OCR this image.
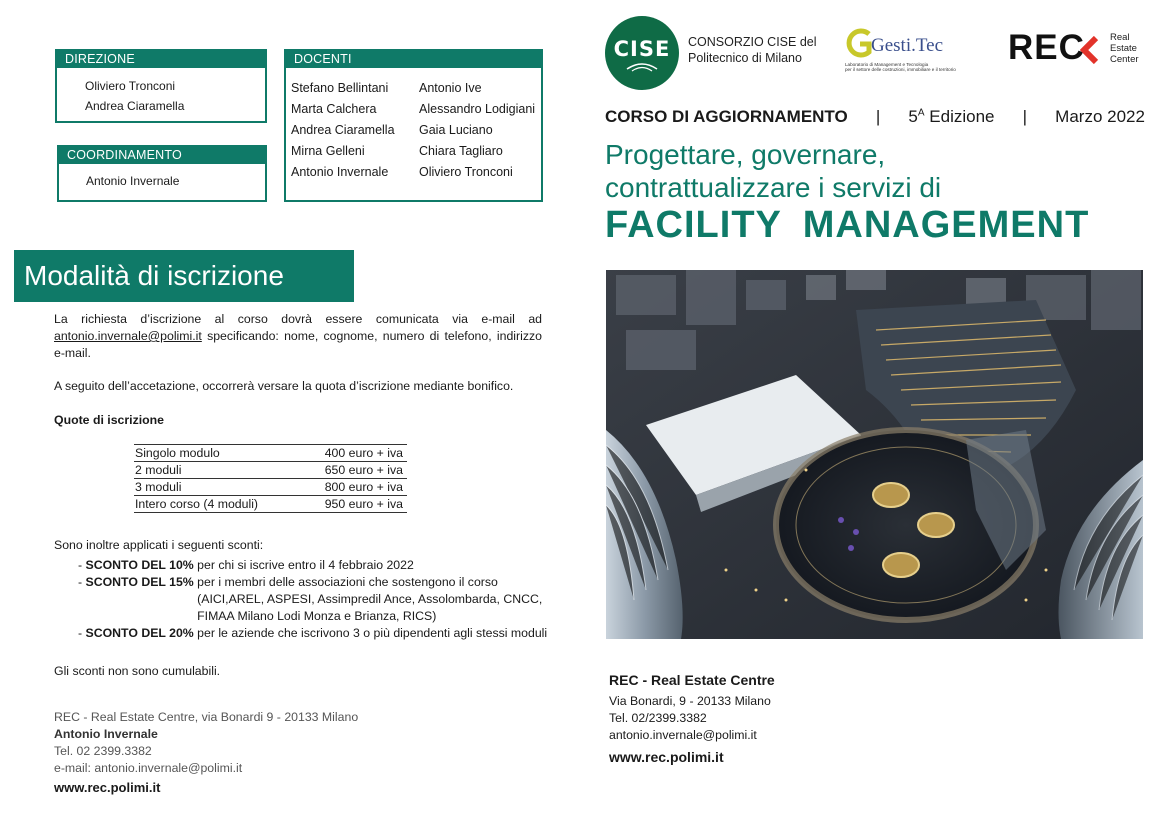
DIREZIONE
Oliviero Tronconi
Andrea Ciaramella
COORDINAMENTO
Antonio Invernale
DOCENTI
Stefano Bellintani	Antonio Ive
Marta Calchera	Alessandro Lodigiani
Andrea Ciaramella	Gaia Luciano
Mirna Gelleni	Chiara Tagliaro
Antonio Invernale	Oliviero Tronconi
Modalità di iscrizione
La richiesta d’iscrizione al corso dovrà essere comunicata via e-mail ad antonio.invernale@polimi.it specificando: nome, cognome, numero di telefono, indirizzo e-mail.
A seguito dell’accetazione, occorrerà versare la quota d’iscrizione mediante bonifico.
Quote di iscrizione
Singolo modulo	400 euro + iva
2 moduli	650 euro + iva
3 moduli	800 euro + iva
Intero corso (4 moduli)	950 euro + iva
Sono inoltre applicati i seguenti sconti:
- SCONTO DEL 10%
per chi si iscrive entro il 4 febbraio 2022
- SCONTO DEL 15%
per i membri delle associazioni che sostengono il corso (AICI,AREL, ASPESI, Assimpredil Ance, Assolombarda, CNCC, FIMAA Milano Lodi Monza e Brianza, RICS)
- SCONTO DEL 20%
per le aziende che iscrivono 3 o più dipendenti agli stessi moduli
Gli sconti non sono cumulabili.
REC - Real Estate Centre, via Bonardi 9 - 20133 Milano
Antonio Invernale
Tel. 02 2399.3382
e-mail: antonio.invernale@polimi.it
www.rec.polimi.it
CISE	CONSORZIO CISE del
Politecnico di Milano
Gesti.Tec
Laboratorio di Management e Tecnologia
per il settore delle costruzioni, immobiliare e il territorio
REC	Real
Estate
Center
CORSO DI AGGIORNAMENTO | $5^A$ Edizione | Marzo 2022
Progettare, governare,
contrattualizzare i servizi di
FACILITY MANAGEMENT
REC - Real Estate Centre
Via Bonardi, 9 - 20133 Milano
Tel. 02/2399.3382
antonio.invernale@polimi.it
www.rec.polimi.it
